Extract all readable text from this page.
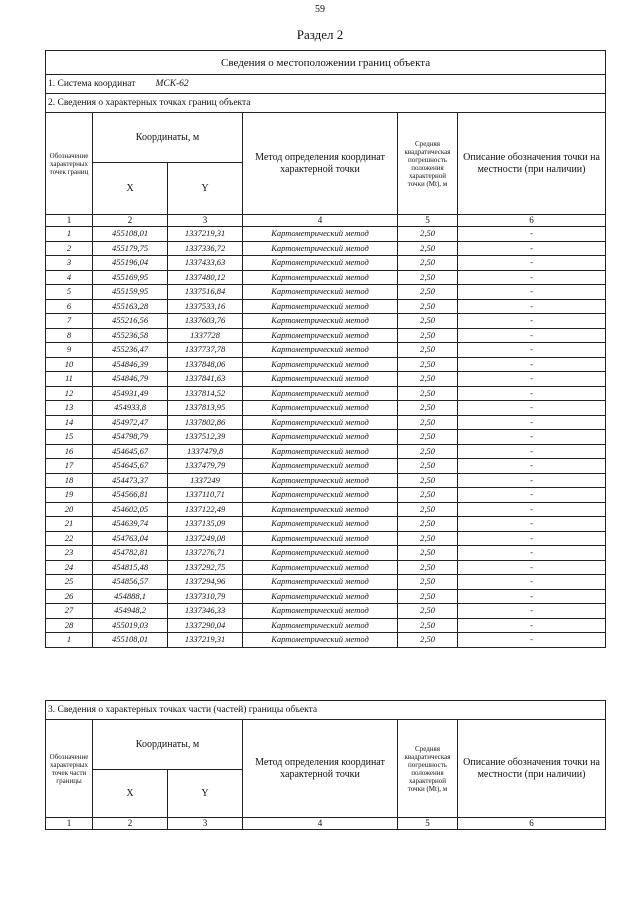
59
Раздел 2
Сведения о местоположении границ объекта					
1. Система координат МСК-62					
2. Сведения о характерных точках границ объекта					
Обозначение характерных точек границ	Координаты, м		Метод определения координат характерной точки	Средняя квадратическая погрешность положения характерной точки (Mt), м	Описание обозначения точки на местности (при наличии)
	X	Y			
1	2	3	4	5	6
1	455108,01	1337219,31	Картометрический метод	2,50	-
2	455179,75	1337336,72	Картометрический метод	2,50	-
3	455196,04	1337433,63	Картометрический метод	2,50	-
4	455169,95	1337480,12	Картометрический метод	2,50	-
5	455159,95	1337516,84	Картометрический метод	2,50	-
6	455163,28	1337533,16	Картометрический метод	2,50	-
7	455216,56	1337603,76	Картометрический метод	2,50	-
8	455236,58	1337728	Картометрический метод	2,50	-
9	455236,47	1337737,78	Картометрический метод	2,50	-
10	454846,39	1337848,06	Картометрический метод	2,50	-
11	454846,79	1337841,63	Картометрический метод	2,50	-
12	454931,49	1337814,52	Картометрический метод	2,50	-
13	454933,8	1337813,95	Картометрический метод	2,50	-
14	454972,47	1337802,86	Картометрический метод	2,50	-
15	454798,79	1337512,39	Картометрический метод	2,50	-
16	454645,67	1337479,8	Картометрический метод	2,50	-
17	454645,67	1337479,79	Картометрический метод	2,50	-
18	454473,37	1337249	Картометрический метод	2,50	-
19	454566,81	1337110,71	Картометрический метод	2,50	-
20	454602,05	1337122,49	Картометрический метод	2,50	-
21	454639,74	1337135,09	Картометрический метод	2,50	-
22	454763,04	1337249,08	Картометрический метод	2,50	-
23	454782,81	1337276,71	Картометрический метод	2,50	-
24	454815,48	1337292,75	Картометрический метод	2,50	-
25	454856,57	1337294,96	Картометрический метод	2,50	-
26	454888,1	1337310,79	Картометрический метод	2,50	-
27	454948,2	1337346,33	Картометрический метод	2,50	-
28	455019,03	1337290,04	Картометрический метод	2,50	-
1	455108,01	1337219,31	Картометрический метод	2,50	-
3. Сведения о характерных точках части (частей) границы объекта					
Обозначение характерных точек части границы	Координаты, м		Метод определения координат характерной точки	Средняя квадратическая погрешность положения характерной точки (Mt), м	Описание обозначения точки на местности (при наличии)
	X	Y			
1	2	3	4	5	6
